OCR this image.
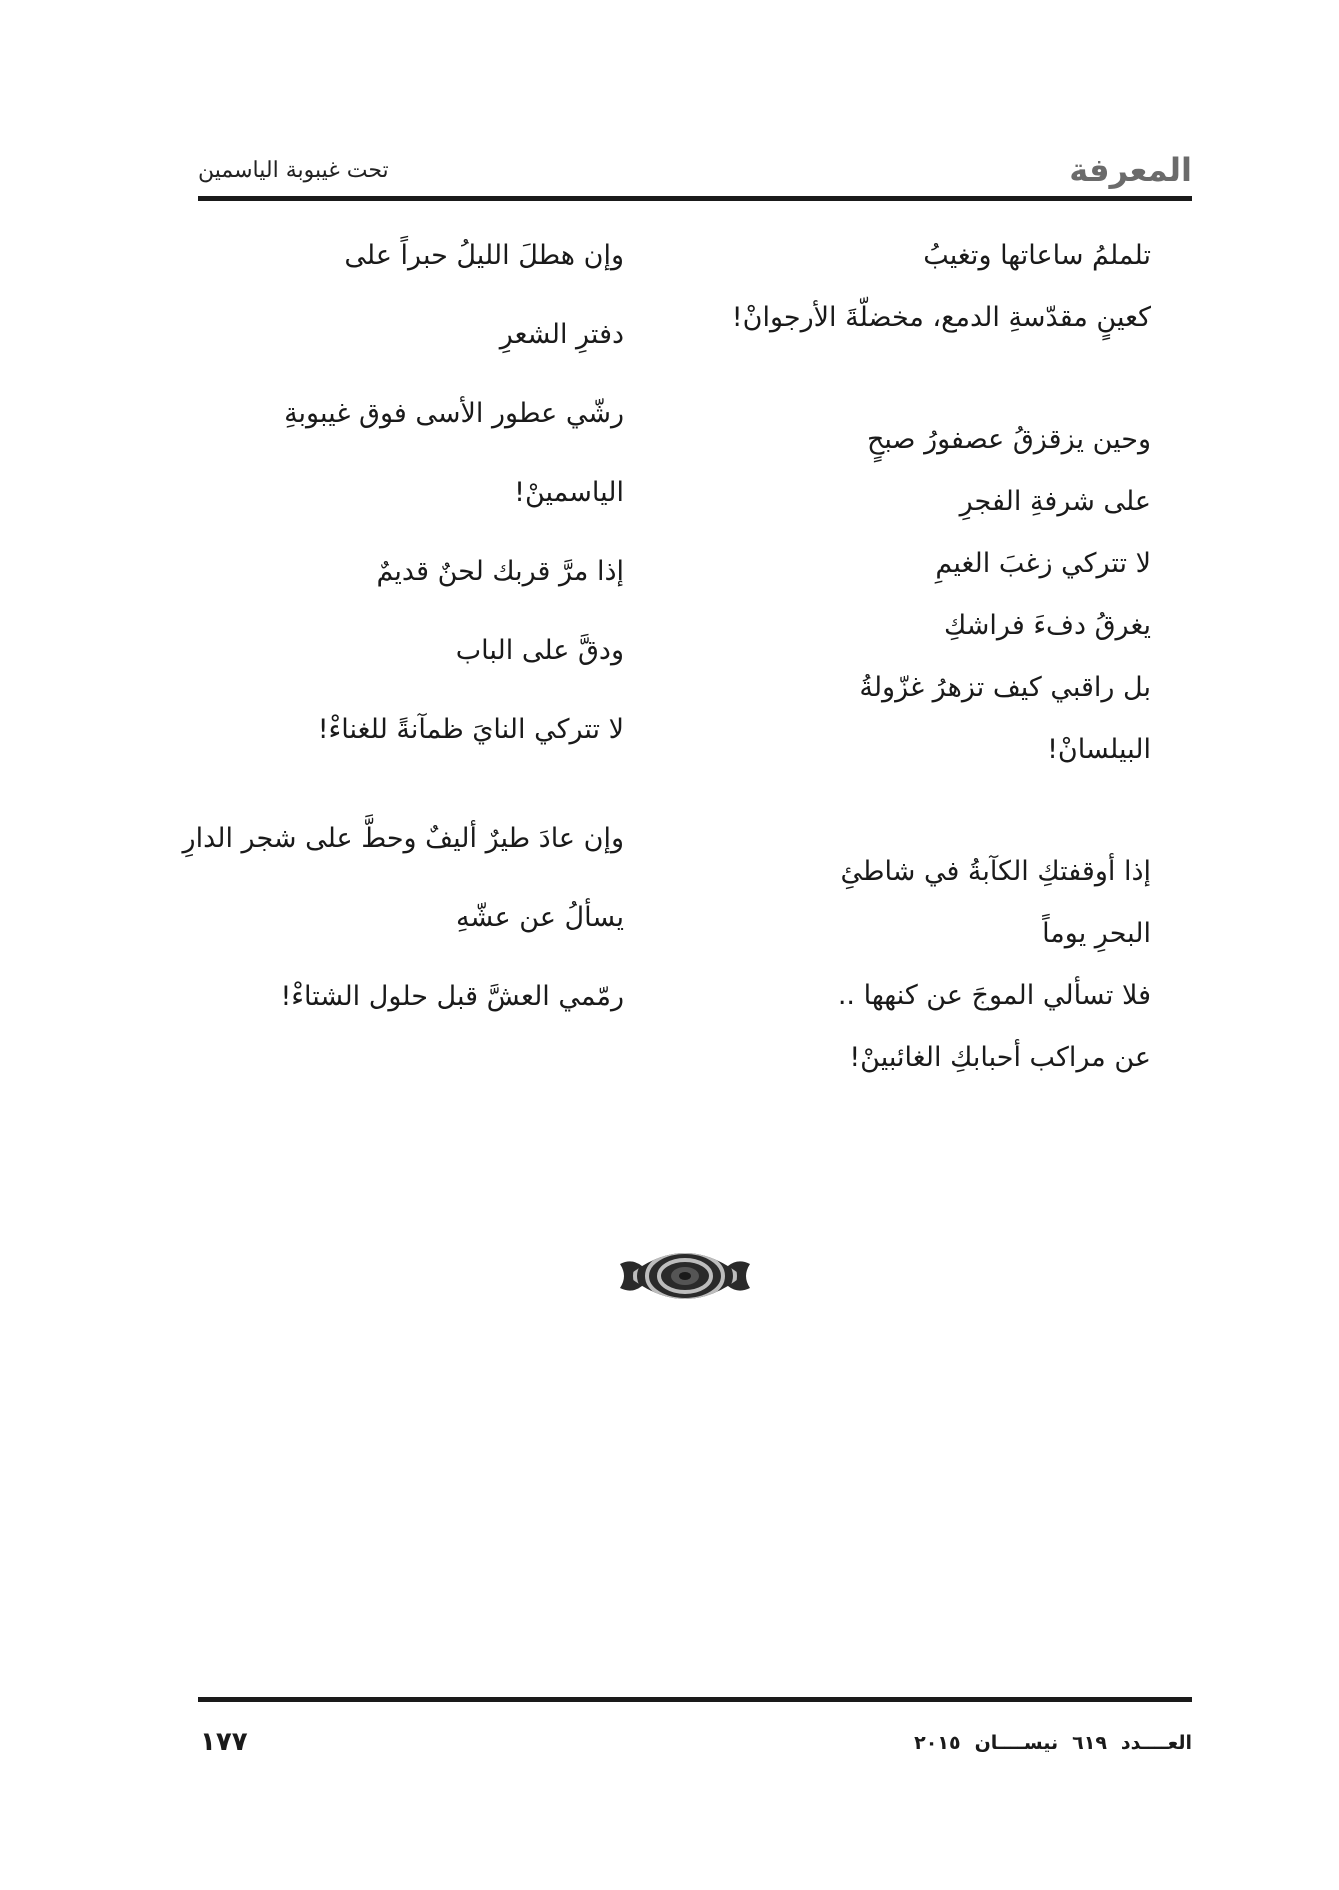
المعرفة
تحت غيبوبة الياسمين
تلملمُ ساعاتها وتغيبُ
كعينٍ مقدّسةِ الدمع، مخضلّةَ الأرجوانْ!
وحين يزقزقُ عصفورُ صبحٍ
على شرفةِ الفجرِ
لا تتركي زغبَ الغيمِ
يغرقُ دفءَ فراشكِ
بل راقبي كيف تزهرُ غزّولةُ
البيلسانْ!
إذا أوقفتكِ الكآبةُ في شاطئِ
البحرِ يوماً
فلا تسألي الموجَ عن كنهها ..
عن مراكب أحبابكِ الغائبينْ!
وإن هطلَ الليلُ حبراً على
دفترِ الشعرِ
رشّي عطور الأسى فوق غيبوبةِ
الياسمينْ!
إذا مرَّ قربك لحنٌ قديمٌ
ودقَّ على الباب
لا تتركي النايَ ظمآنةً للغناءْ!
وإن عادَ طيرٌ أليفٌ وحطَّ على شجر الدارِ
يسألُ عن عشّهِ
رمّمي العشَّ قبل حلول الشتاءْ!
العــــدد٦١٩نيســــان٢٠١٥
١٧٧
